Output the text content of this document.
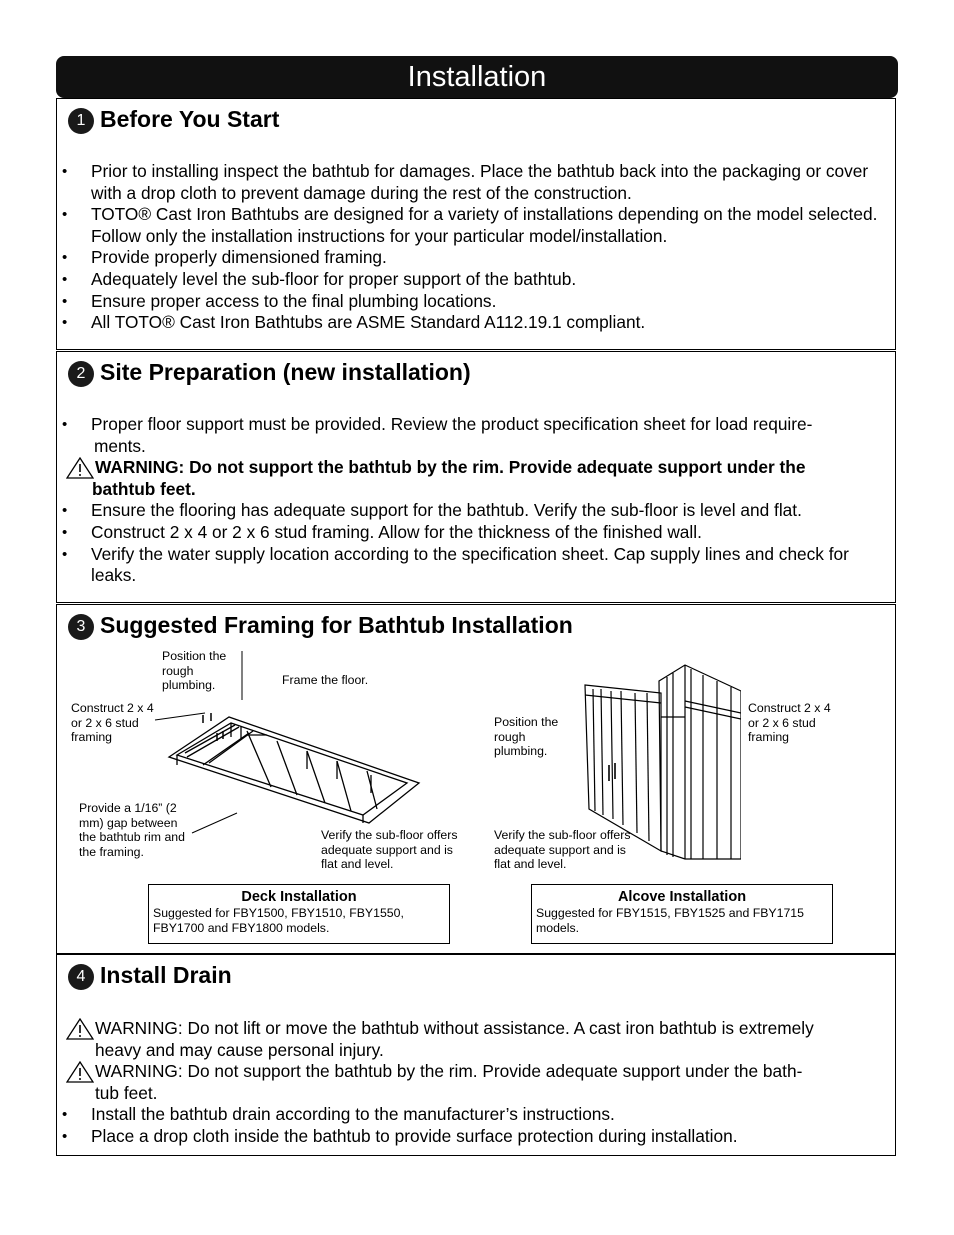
Installation
1 Before You Start
• Prior to installing inspect the bathtub for damages. Place the bathtub back into the packaging or cover with a drop cloth to prevent damage during the rest of the construction.
• TOTO® Cast Iron Bathtubs are designed for a variety of installations depending on the model selected. Follow only the installation instructions for your particular model/installation.
• Provide properly dimensioned framing.
• Adequately level the sub-floor for proper support of the bathtub.
• Ensure proper access to the final plumbing locations.
• All TOTO® Cast Iron Bathtubs are ASME Standard A112.19.1 compliant.
2 Site Preparation (new installation)
• Proper floor support must be provided. Review the product specification sheet for load require-
ments.
WARNING: Do not support the bathtub by the rim. Provide adequate support under the
bathtub feet.
• Ensure the flooring has adequate support for the bathtub. Verify the sub-floor is level and flat.
• Construct 2 x 4 or 2 x 6 stud framing. Allow for the thickness of the finished wall.
• Verify the water supply location according to the specification sheet. Cap supply lines and check for leaks.
3 Suggested Framing for Bathtub Installation
Position the rough plumbing.	Frame the floor.
Construct 2 x 4 or 2 x 6 stud framing
Provide a 1/16” (2 mm) gap between the bathtub rim and the framing.
Verify the sub-floor offers adequate support and is flat and level.
Deck Installation
Suggested for FBY1500, FBY1510, FBY1550, FBY1700 and FBY1800 models.
Position the rough plumbing.
Construct 2 x 4 or 2 x 6 stud framing
Verify the sub-floor offers adequate support and is flat and level.
Alcove Installation
Suggested for FBY1515, FBY1525 and FBY1715 models.
4 Install Drain
WARNING: Do not lift or move the bathtub without assistance. A cast iron bathtub is extremely
heavy and may cause personal injury.
WARNING: Do not support the bathtub by the rim. Provide adequate support under the bath-
tub feet.
• Install the bathtub drain according to the manufacturer’s instructions.
• Place a drop cloth inside the bathtub to provide surface protection during installation.
